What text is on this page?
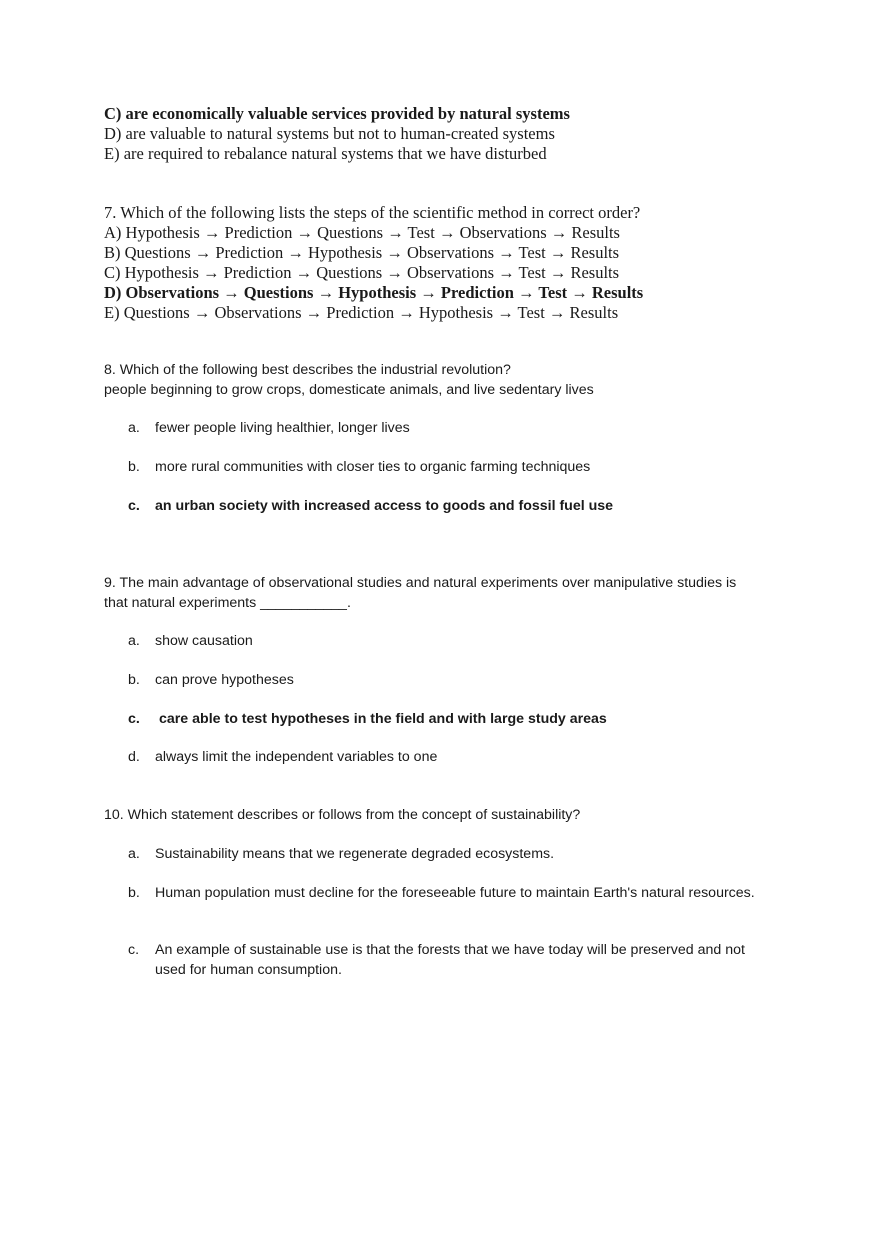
C) are economically valuable services provided by natural systems
D) are valuable to natural systems but not to human-created systems
E) are required to rebalance natural systems that we have disturbed
7. Which of the following lists the steps of the scientific method in correct order?
A) Hypothesis → Prediction → Questions → Test → Observations → Results
B) Questions → Prediction → Hypothesis → Observations → Test → Results
C) Hypothesis → Prediction → Questions → Observations → Test → Results
D) Observations → Questions → Hypothesis → Prediction → Test → Results
E) Questions → Observations → Prediction → Hypothesis → Test → Results
8. Which of the following best describes the industrial revolution?
people beginning to grow crops, domesticate animals, and live sedentary lives
a. fewer people living healthier, longer lives
b. more rural communities with closer ties to organic farming techniques
c. an urban society with increased access to goods and fossil fuel use
9. The main advantage of observational studies and natural experiments over manipulative studies is
that natural experiments ___________.
a. show causation
b. can prove hypotheses
c. care able to test hypotheses in the field and with large study areas
d. always limit the independent variables to one
10. Which statement describes or follows from the concept of sustainability?
a. Sustainability means that we regenerate degraded ecosystems.
b. Human population must decline for the foreseeable future to maintain Earth's natural resources.
c. An example of sustainable use is that the forests that we have today will be preserved and not used for human consumption.
